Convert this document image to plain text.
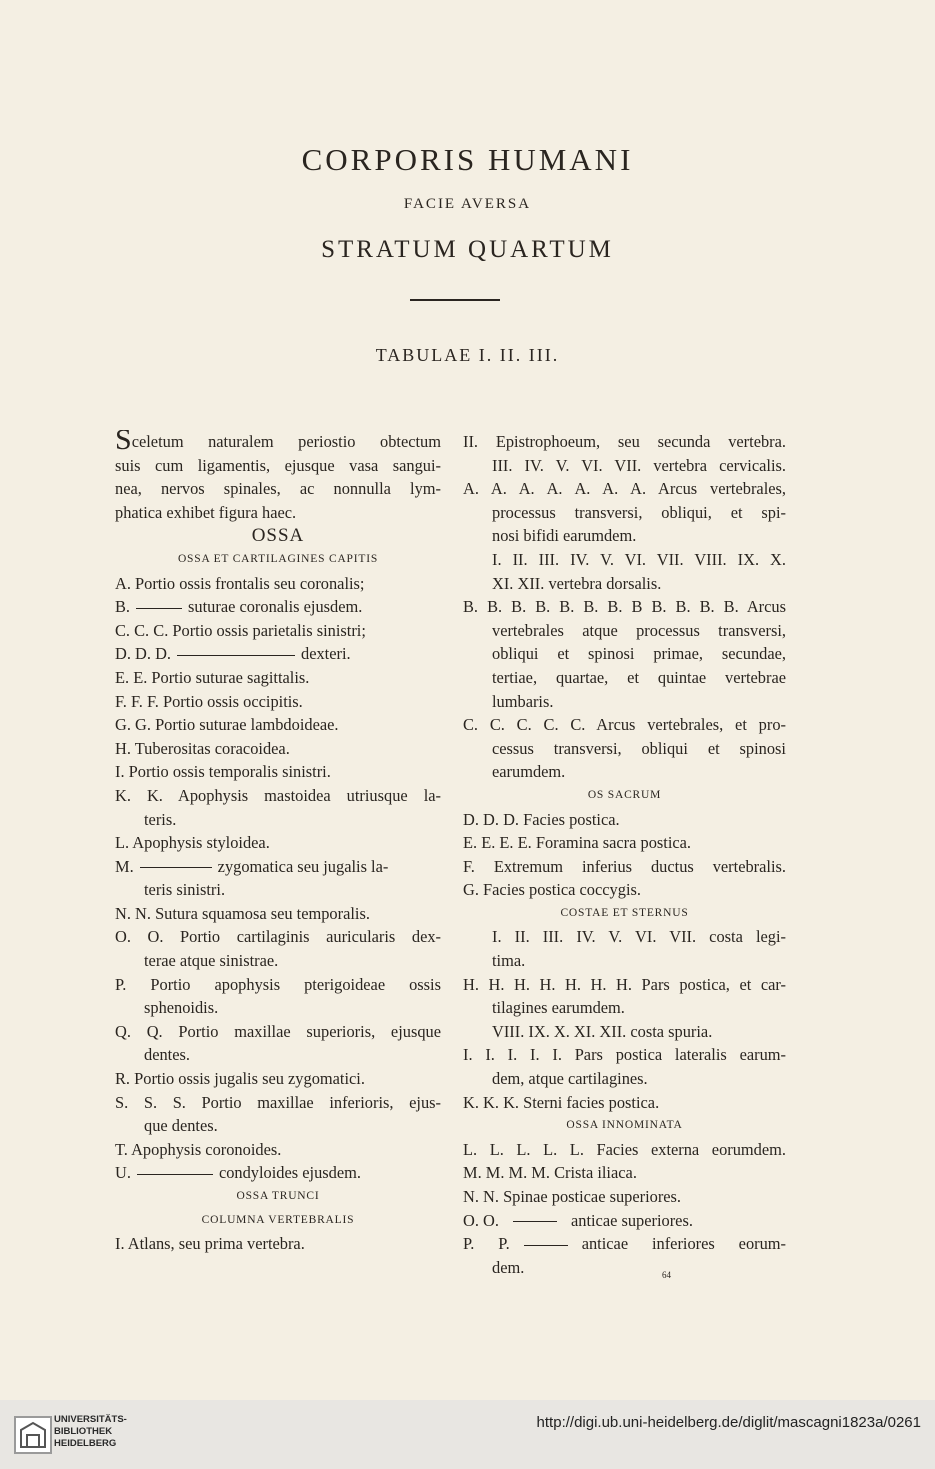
CORPORIS HUMANI
FACIE AVERSA
STRATUM QUARTUM
TABULAE I. II. III.
Sceletum naturalem periostio obtectum
suis cum ligamentis, ejusque vasa sangui-
nea, nervos spinales, ac nonnulla lym-
phatica exhibet figura haec.
OSSA
OSSA ET CARTILAGINES CAPITIS
A. Portio ossis frontalis seu coronalis;
B.	suturae coronalis ejusdem.
C. C. C. Portio ossis parietalis sinistri;
D. D. D.	dexteri.
E. E. Portio suturae sagittalis.
F. F. F. Portio ossis occipitis.
G. G. Portio suturae lambdoideae.
H. Tuberositas coracoidea.
I. Portio ossis temporalis sinistri.
K. K. Apophysis mastoidea utriusque la-
teris.
L. Apophysis styloidea.
M.	zygomatica seu jugalis la-
teris sinistri.
N. N. Sutura squamosa seu temporalis.
O. O. Portio cartilaginis auricularis dex-
terae atque sinistrae.
P. Portio apophysis pterigoideae ossis
sphenoidis.
Q. Q. Portio maxillae superioris, ejusque
dentes.
R. Portio ossis jugalis seu zygomatici.
S. S. S. Portio maxillae inferioris, ejus-
que dentes.
T. Apophysis coronoides.
U.	condyloides ejusdem.
OSSA TRUNCI
COLUMNA VERTEBRALIS
I. Atlans, seu prima vertebra.
II. Epistrophoeum, seu secunda vertebra.
III. IV. V. VI. VII. vertebra cervicalis.
A. A. A. A. A. A. A. Arcus vertebrales,
processus transversi, obliqui, et spi-
nosi bifidi earumdem.
I. II. III. IV. V. VI. VII. VIII. IX. X.
XI. XII. vertebra dorsalis.
B. B. B. B. B. B. B. B B. B. B. B. Arcus
vertebrales atque processus transversi,
obliqui et spinosi primae, secundae,
tertiae, quartae, et quintae vertebrae
lumbaris.
C. C. C. C. C. Arcus vertebrales, et pro-
cessus transversi, obliqui et spinosi
earumdem.
OS SACRUM
D. D. D. Facies postica.
E. E. E. E. Foramina sacra postica.
F. Extremum inferius ductus vertebralis.
G. Facies postica coccygis.
COSTAE ET STERNUS
I. II. III. IV. V. VI. VII. costa legi-
tima.
H. H. H. H. H. H. H. Pars postica, et car-
tilagines earumdem.
VIII. IX. X. XI. XII. costa spuria.
I. I. I. I. I. Pars postica lateralis earum-
dem, atque cartilagines.
K. K. K. Sterni facies postica.
OSSA INNOMINATA
L. L. L. L. L. Facies externa eorumdem.
M. M. M. M. Crista iliaca.
N. N. Spinae posticae superiores.
O. O.	anticae superiores.
P. P.	anticae inferiores eorum-
dem.	64
UNIVERSITÄTS-
BIBLIOTHEK
HEIDELBERG
http://digi.ub.uni-heidelberg.de/diglit/mascagni1823a/0261
